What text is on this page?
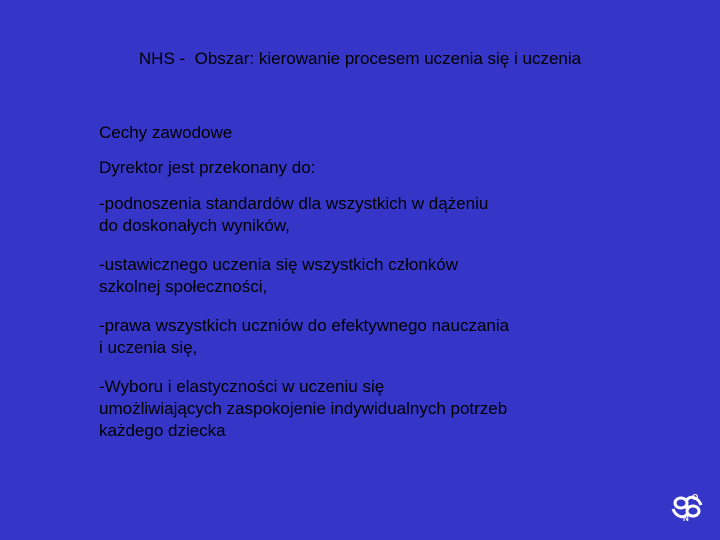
NHS -  Obszar: kierowanie procesem uczenia się i uczenia

Cechy zawodowe

Dyrektor jest przekonany do:

-podnoszenia standardów dla wszystkich w dążeniu
do doskonałych wyników,

-ustawicznego uczenia się wszystkich członków
szkolnej społeczności,

-prawa wszystkich uczniów do efektywnego nauczania
i uczenia się,

-Wyboru i elastyczności w uczeniu się
umożliwiających zaspokojenie indywidualnych potrzeb
każdego dziecka

O
N
